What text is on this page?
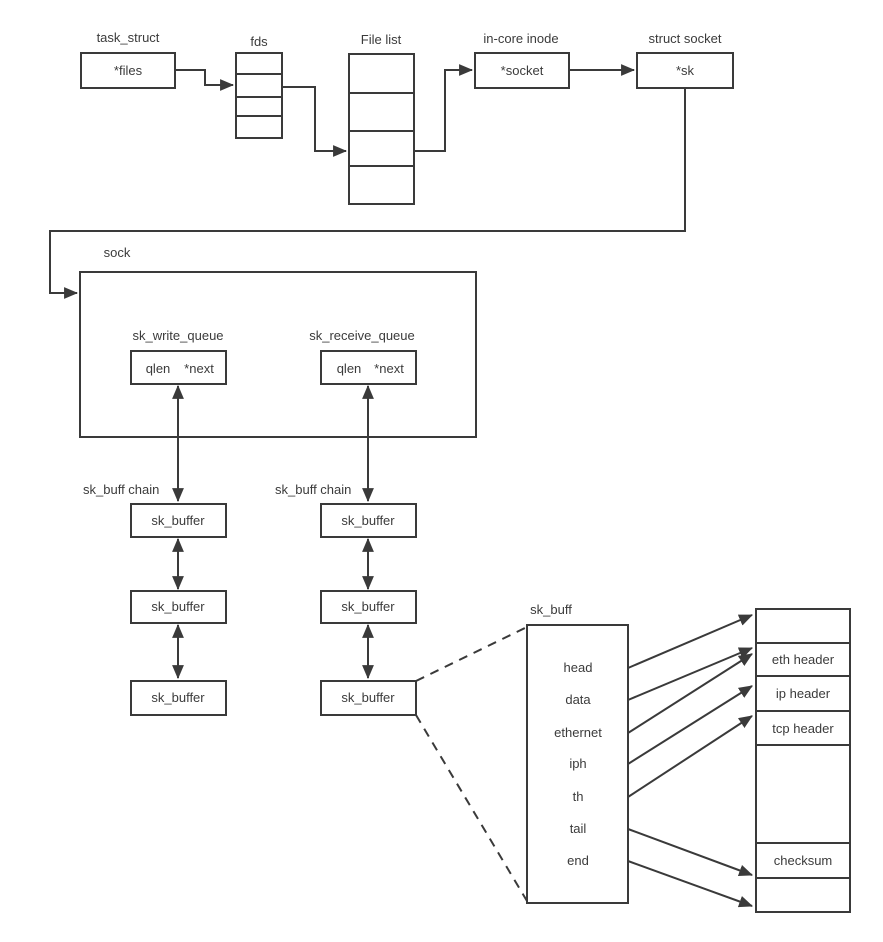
task_struct
*files
fds	File list	in-core inode
*socket
struct socket
*sk
sock
sk_write_queue
qlen *next
sk_receive_queue
qlen *next
sk_buff chain	sk_buff chain
sk_buffer
sk_buffer
sk_buffer
sk_buffer
sk_buffer
sk_buffer
sk_buff
head
data
ethernet
iph
th
tail
end
eth header
ip header
tcp header
checksum
